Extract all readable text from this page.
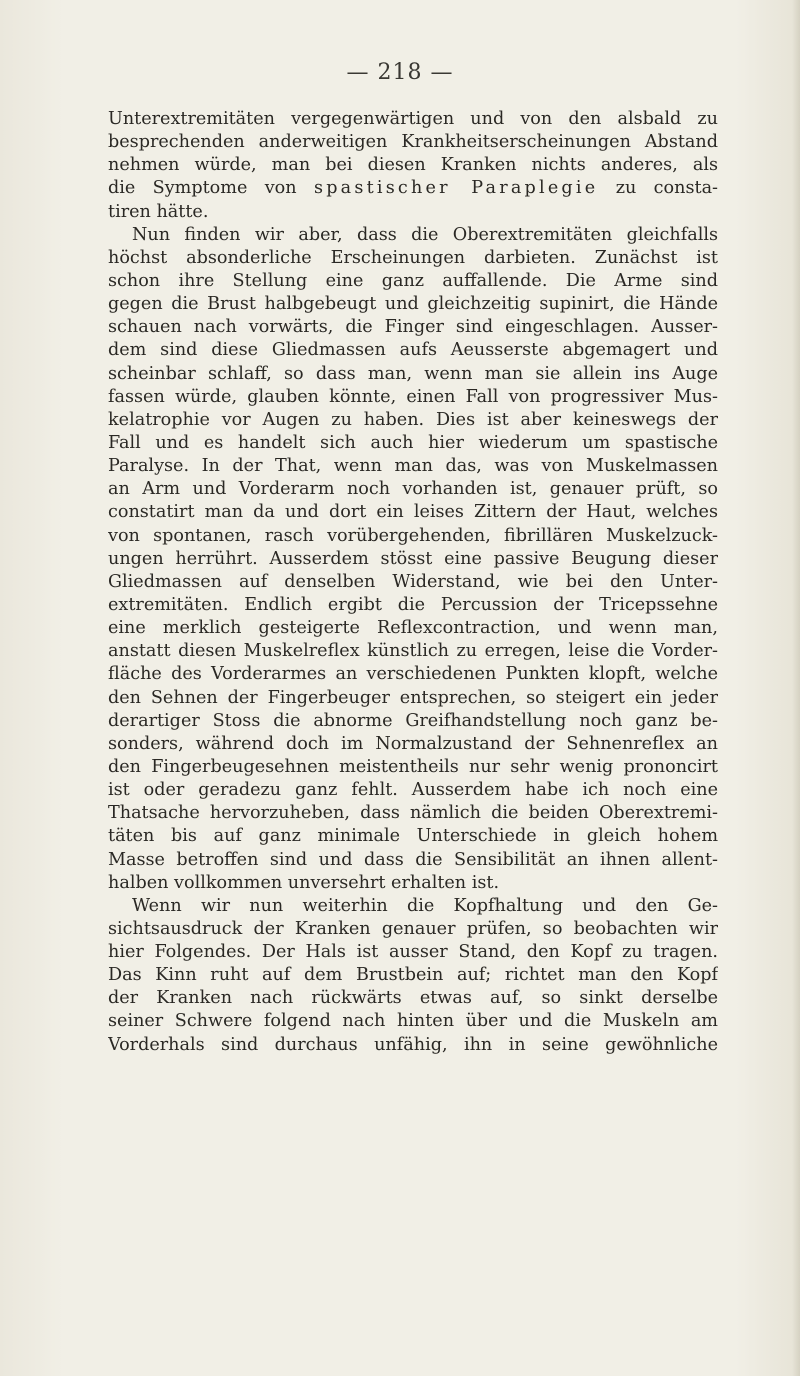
— 218 —
Unterextremitäten vergegenwärtigen und von den alsbald zu
besprechenden anderweitigen Krankheitserscheinungen Abstand
nehmen würde, man bei diesen Kranken nichts anderes, als
die Symptome von spastischer Paraplegie zu consta-
tiren hätte.
Nun finden wir aber, dass die Oberextremitäten gleichfalls
höchst absonderliche Erscheinungen darbieten. Zunächst ist
schon ihre Stellung eine ganz auffallende. Die Arme sind
gegen die Brust halbgebeugt und gleichzeitig supinirt, die Hände
schauen nach vorwärts, die Finger sind eingeschlagen. Ausser-
dem sind diese Gliedmassen aufs Aeusserste abgemagert und
scheinbar schlaff, so dass man, wenn man sie allein ins Auge
fassen würde, glauben könnte, einen Fall von progressiver Mus-
kelatrophie vor Augen zu haben. Dies ist aber keineswegs der
Fall und es handelt sich auch hier wiederum um spastische
Paralyse. In der That, wenn man das, was von Muskelmassen
an Arm und Vorderarm noch vorhanden ist, genauer prüft, so
constatirt man da und dort ein leises Zittern der Haut, welches
von spontanen, rasch vorübergehenden, fibrillären Muskelzuck-
ungen herrührt. Ausserdem stösst eine passive Beugung dieser
Gliedmassen auf denselben Widerstand, wie bei den Unter-
extremitäten. Endlich ergibt die Percussion der Tricepssehne
eine merklich gesteigerte Reflexcontraction, und wenn man,
anstatt diesen Muskelreflex künstlich zu erregen, leise die Vorder-
fläche des Vorderarmes an verschiedenen Punkten klopft, welche
den Sehnen der Fingerbeuger entsprechen, so steigert ein jeder
derartiger Stoss die abnorme Greifhandstellung noch ganz be-
sonders, während doch im Normalzustand der Sehnenreflex an
den Fingerbeugesehnen meistentheils nur sehr wenig prononcirt
ist oder geradezu ganz fehlt. Ausserdem habe ich noch eine
Thatsache hervorzuheben, dass nämlich die beiden Oberextremi-
täten bis auf ganz minimale Unterschiede in gleich hohem
Masse betroffen sind und dass die Sensibilität an ihnen allent-
halben vollkommen unversehrt erhalten ist.
Wenn wir nun weiterhin die Kopfhaltung und den Ge-
sichtsausdruck der Kranken genauer prüfen, so beobachten wir
hier Folgendes. Der Hals ist ausser Stand, den Kopf zu tragen.
Das Kinn ruht auf dem Brustbein auf; richtet man den Kopf
der Kranken nach rückwärts etwas auf, so sinkt derselbe
seiner Schwere folgend nach hinten über und die Muskeln am
Vorderhals sind durchaus unfähig, ihn in seine gewöhnliche
